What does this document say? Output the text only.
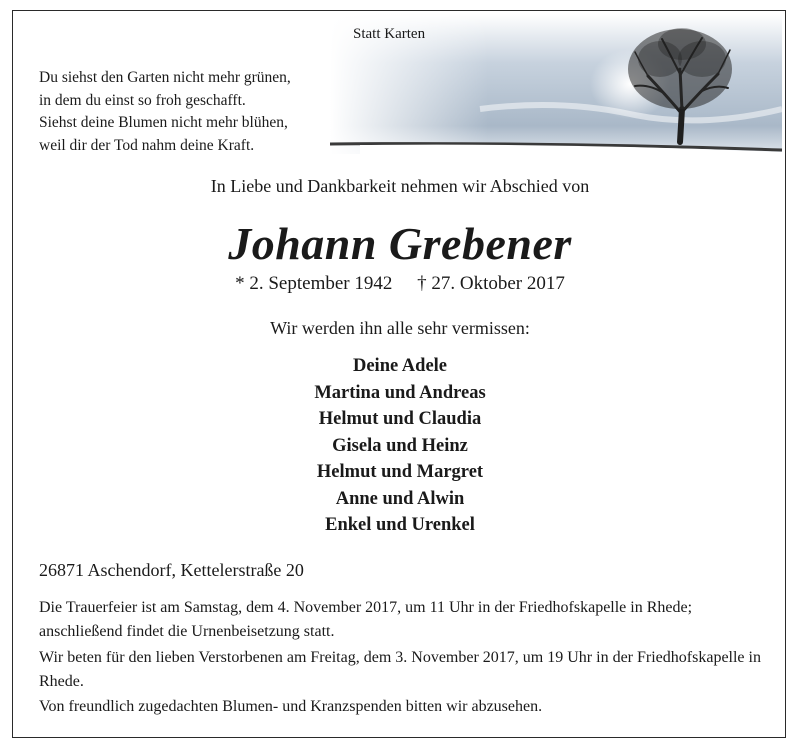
Statt Karten
Du siehst den Garten nicht mehr grünen,
in dem du einst so froh geschafft.
Siehst deine Blumen nicht mehr blühen,
weil dir der Tod nahm deine Kraft.
In Liebe und Dankbarkeit nehmen wir Abschied von
Johann Grebener
* 2. September 1942 † 27. Oktober 2017
Wir werden ihn alle sehr vermissen:
Deine Adele
Martina und Andreas
Helmut und Claudia
Gisela und Heinz
Helmut und Margret
Anne und Alwin
Enkel und Urenkel
26871 Aschendorf, Kettelerstraße 20
Die Trauerfeier ist am Samstag, dem 4. November 2017, um 11 Uhr in der Friedhofskapelle in Rhede; anschließend findet die Urnenbeisetzung statt.
Wir beten für den lieben Verstorbenen am Freitag, dem 3. November 2017, um 19 Uhr in der Friedhofskapelle in Rhede.
Von freundlich zugedachten Blumen- und Kranzspenden bitten wir abzusehen.
